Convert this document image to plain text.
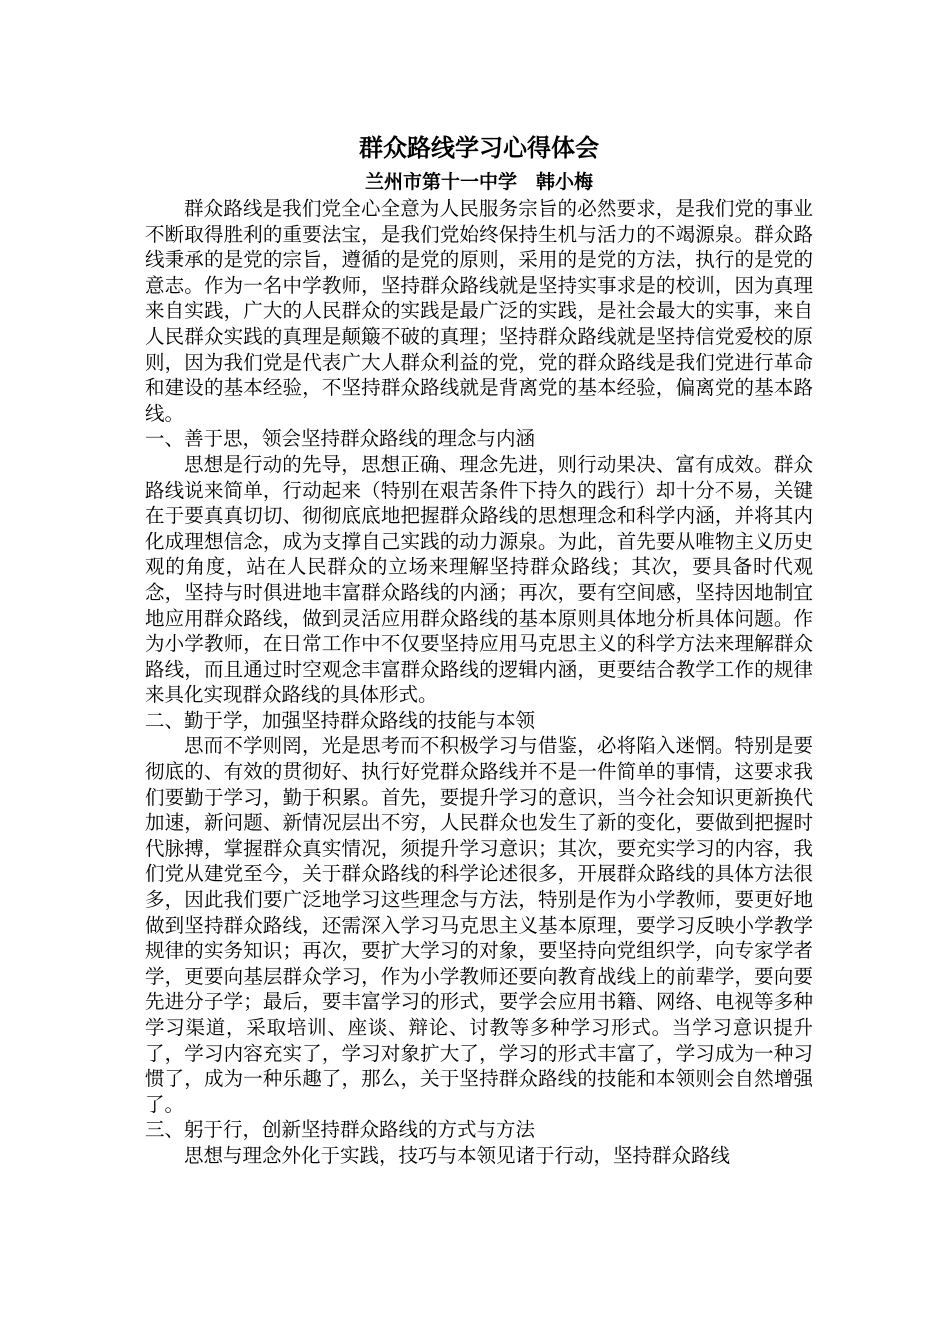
群众路线学习心得体会

兰州市第十一中学　韩小梅

群众路线是我们党全心全意为人民服务宗旨的必然要求，是我们党的事业不断取得胜利的重要法宝，是我们党始终保持生机与活力的不竭源泉。群众路线秉承的是党的宗旨，遵循的是党的原则，采用的是党的方法，执行的是党的意志。作为一名中学教师，坚持群众路线就是坚持实事求是的校训，因为真理来自实践，广大的人民群众的实践是最广泛的实践，是社会最大的实事，来自人民群众实践的真理是颠簸不破的真理；坚持群众路线就是坚持信党爱校的原则，因为我们党是代表广大人群众利益的党，党的群众路线是我们党进行革命和建设的基本经验，不坚持群众路线就是背离党的基本经验，偏离党的基本路线。

一、善于思，领会坚持群众路线的理念与内涵

思想是行动的先导，思想正确、理念先进，则行动果决、富有成效。群众路线说来简单，行动起来（特别在艰苦条件下持久的践行）却十分不易，关键在于要真真切切、彻彻底底地把握群众路线的思想理念和科学内涵，并将其内化成理想信念，成为支撑自己实践的动力源泉。为此，首先要从唯物主义历史观的角度，站在人民群众的立场来理解坚持群众路线；其次，要具备时代观念，坚持与时俱进地丰富群众路线的内涵；再次，要有空间感，坚持因地制宜地应用群众路线，做到灵活应用群众路线的基本原则具体地分析具体问题。作为小学教师，在日常工作中不仅要坚持应用马克思主义的科学方法来理解群众路线，而且通过时空观念丰富群众路线的逻辑内涵，更要结合教学工作的规律来具化实现群众路线的具体形式。

二、勤于学，加强坚持群众路线的技能与本领

思而不学则罔，光是思考而不积极学习与借鉴，必将陷入迷惘。特别是要彻底的、有效的贯彻好、执行好党群众路线并不是一件简单的事情，这要求我们要勤于学习，勤于积累。首先，要提升学习的意识，当今社会知识更新换代加速，新问题、新情况层出不穷，人民群众也发生了新的变化，要做到把握时代脉搏，掌握群众真实情况，须提升学习意识；其次，要充实学习的内容，我们党从建党至今，关于群众路线的科学论述很多，开展群众路线的具体方法很多，因此我们要广泛地学习这些理念与方法，特别是作为小学教师，要更好地做到坚持群众路线，还需深入学习马克思主义基本原理，要学习反映小学教学规律的实务知识；再次，要扩大学习的对象，要坚持向党组织学，向专家学者学，更要向基层群众学习，作为小学教师还要向教育战线上的前辈学，要向要先进分子学；最后，要丰富学习的形式，要学会应用书籍、网络、电视等多种学习渠道，采取培训、座谈、辩论、讨教等多种学习形式。当学习意识提升了，学习内容充实了，学习对象扩大了，学习的形式丰富了，学习成为一种习惯了，成为一种乐趣了，那么，关于坚持群众路线的技能和本领则会自然增强了。

三、躬于行，创新坚持群众路线的方式与方法

思想与理念外化于实践，技巧与本领见诸于行动，坚持群众路线
